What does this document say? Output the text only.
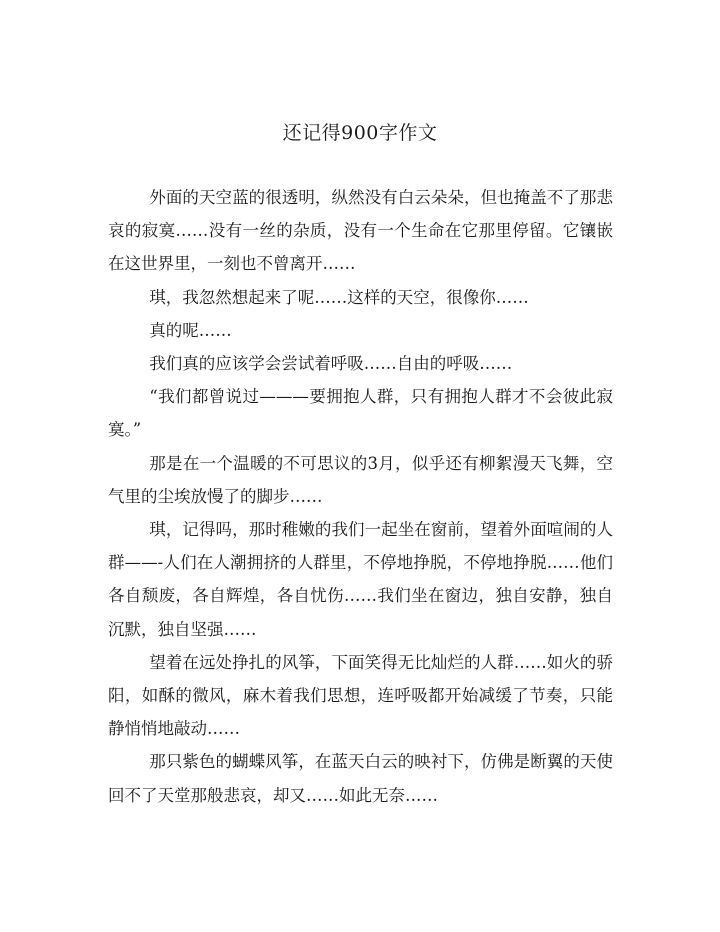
还记得900字作文

外面的天空蓝的很透明，纵然没有白云朵朵，但也掩盖不了那悲哀的寂寞……没有一丝的杂质，没有一个生命在它那里停留。它镶嵌在这世界里，一刻也不曾离开……

琪，我忽然想起来了呢……这样的天空，很像你……

真的呢……

我们真的应该学会尝试着呼吸……自由的呼吸……

“我们都曾说过———要拥抱人群，只有拥抱人群才不会彼此寂寞。”

那是在一个温暖的不可思议的3月，似乎还有柳絮漫天飞舞，空气里的尘埃放慢了的脚步……

琪，记得吗，那时稚嫩的我们一起坐在窗前，望着外面喧闹的人群——-人们在人潮拥挤的人群里，不停地挣脱，不停地挣脱……他们各自颓废，各自辉煌，各自忧伤……我们坐在窗边，独自安静，独自沉默，独自坚强……

望着在远处挣扎的风筝，下面笑得无比灿烂的人群……如火的骄阳，如酥的微风，麻木着我们思想，连呼吸都开始减缓了节奏，只能静悄悄地敲动……

那只紫色的蝴蝶风筝，在蓝天白云的映衬下，仿佛是断翼的天使回不了天堂那般悲哀，却又……如此无奈……
